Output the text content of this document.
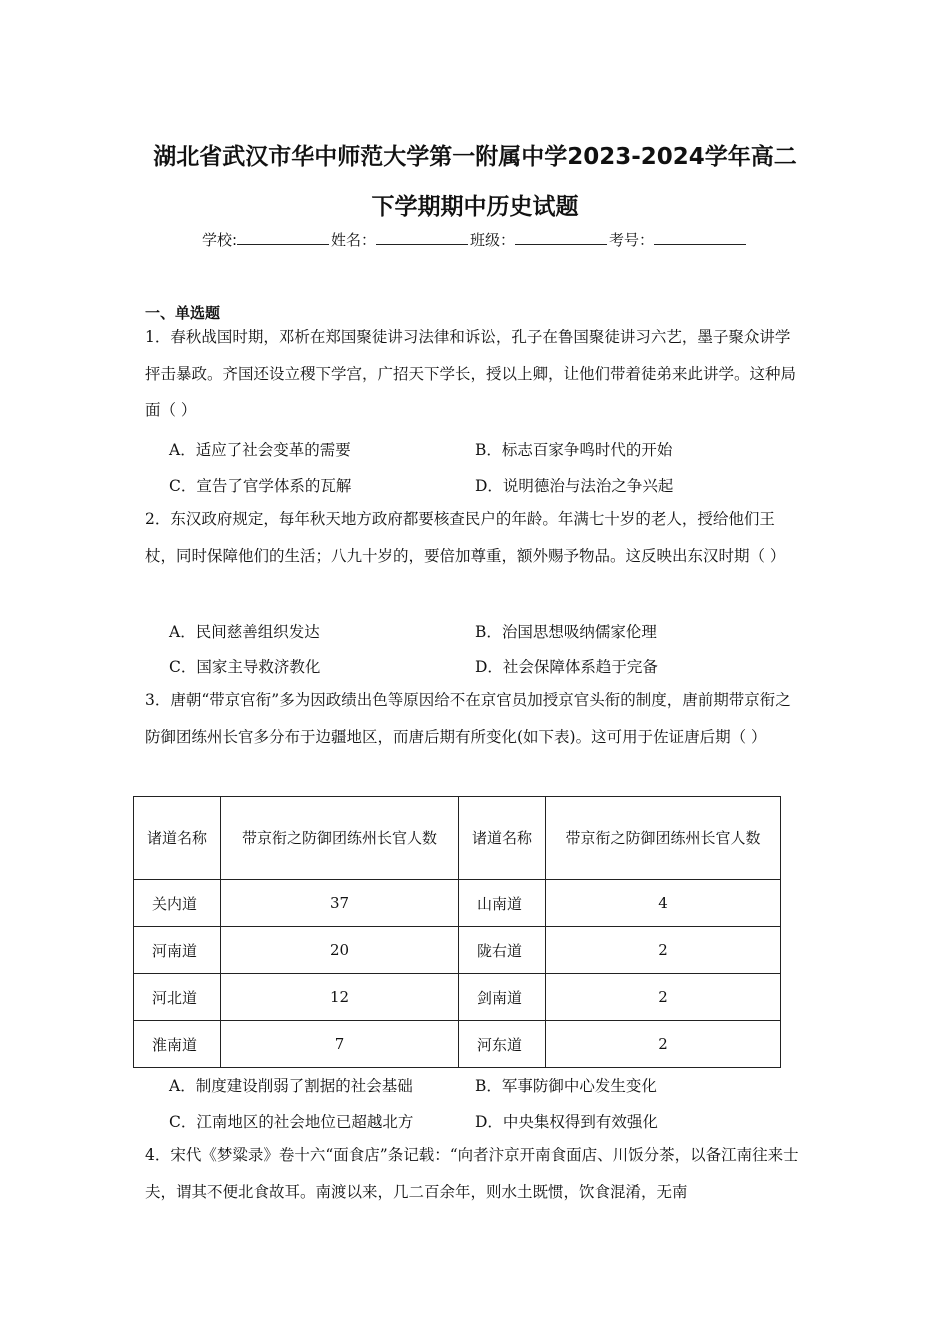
湖北省武汉市华中师范大学第一附属中学2023-2024学年高二
下学期期中历史试题
学校:	姓名：	班级：	考号：
一、单选题
1．春秋战国时期，邓析在郑国聚徒讲习法律和诉讼，孔子在鲁国聚徒讲习六艺，墨子聚众讲学抨击暴政。齐国还设立稷下学宫，广招天下学长，授以上卿，让他们带着徒弟来此讲学。这种局面（ ）
A．适应了社会变革的需要	B．标志百家争鸣时代的开始
C．宣告了官学体系的瓦解	D．说明德治与法治之争兴起
2．东汉政府规定，每年秋天地方政府都要核查民户的年龄。年满七十岁的老人，授给他们王杖，同时保障他们的生活；八九十岁的，要倍加尊重，额外赐予物品。这反映出东汉时期（ ）
A．民间慈善组织发达	B．治国思想吸纳儒家伦理
C．国家主导救济教化	D．社会保障体系趋于完备
3．唐朝“带京官衔”多为因政绩出色等原因给不在京官员加授京官头衔的制度，唐前期带京衔之防御团练州长官多分布于边疆地区，而唐后期有所变化(如下表)。这可用于佐证唐后期（ ）
诸道名称	带京衔之防御团练州长官人数	诸道名称	带京衔之防御团练州长官人数
关内道	37	山南道	4
河南道	20	陇右道	2
河北道	12	剑南道	2
淮南道	7	河东道	2
A．制度建设削弱了割据的社会基础	B．军事防御中心发生变化
C．江南地区的社会地位已超越北方	D．中央集权得到有效强化
4．宋代《梦粱录》卷十六“面食店”条记载：“向者汴京开南食面店、川饭分茶，以备江南往来士夫，谓其不便北食故耳。南渡以来，几二百余年，则水土既惯，饮食混淆，无南
